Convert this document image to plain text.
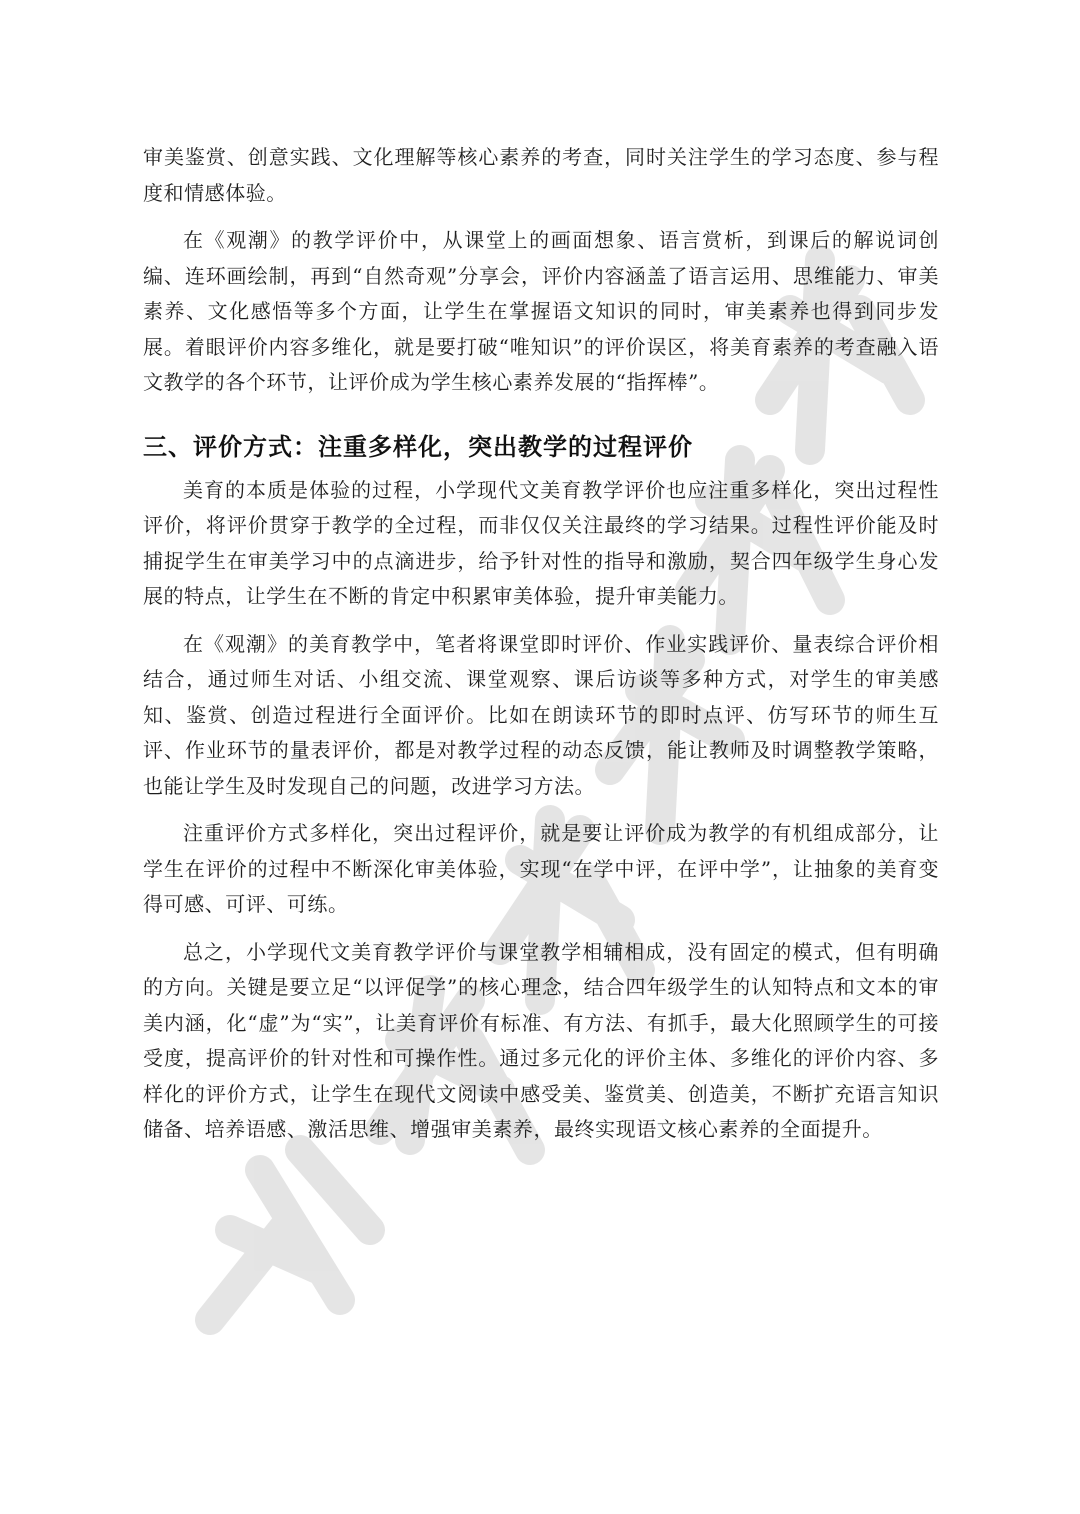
审美鉴赏、创意实践、文化理解等核心素养的考查，同时关注学生的学习态度、参与程度和情感体验。

在《观潮》的教学评价中，从课堂上的画面想象、语言赏析，到课后的解说词创编、连环画绘制，再到“自然奇观”分享会，评价内容涵盖了语言运用、思维能力、审美素养、文化感悟等多个方面，让学生在掌握语文知识的同时，审美素养也得到同步发展。着眼评价内容多维化，就是要打破“唯知识”的评价误区，将美育素养的考查融入语文教学的各个环节，让评价成为学生核心素养发展的“指挥棒”。

三、评价方式：注重多样化，突出教学的过程评价

美育的本质是体验的过程，小学现代文美育教学评价也应注重多样化，突出过程性评价，将评价贯穿于教学的全过程，而非仅仅关注最终的学习结果。过程性评价能及时捕捉学生在审美学习中的点滴进步，给予针对性的指导和激励，契合四年级学生身心发展的特点，让学生在不断的肯定中积累审美体验，提升审美能力。

在《观潮》的美育教学中，笔者将课堂即时评价、作业实践评价、量表综合评价相结合，通过师生对话、小组交流、课堂观察、课后访谈等多种方式，对学生的审美感知、鉴赏、创造过程进行全面评价。比如在朗读环节的即时点评、仿写环节的师生互评、作业环节的量表评价，都是对教学过程的动态反馈，能让教师及时调整教学策略，也能让学生及时发现自己的问题，改进学习方法。

注重评价方式多样化，突出过程评价，就是要让评价成为教学的有机组成部分，让学生在评价的过程中不断深化审美体验，实现“在学中评，在评中学”，让抽象的美育变得可感、可评、可练。

总之，小学现代文美育教学评价与课堂教学相辅相成，没有固定的模式，但有明确的方向。关键是要立足“以评促学”的核心理念，结合四年级学生的认知特点和文本的审美内涵，化“虚”为“实”，让美育评价有标准、有方法、有抓手，最大化照顾学生的可接受度，提高评价的针对性和可操作性。通过多元化的评价主体、多维化的评价内容、多样化的评价方式，让学生在现代文阅读中感受美、鉴赏美、创造美，不断扩充语言知识储备、培养语感、激活思维、增强审美素养，最终实现语文核心素养的全面提升。
